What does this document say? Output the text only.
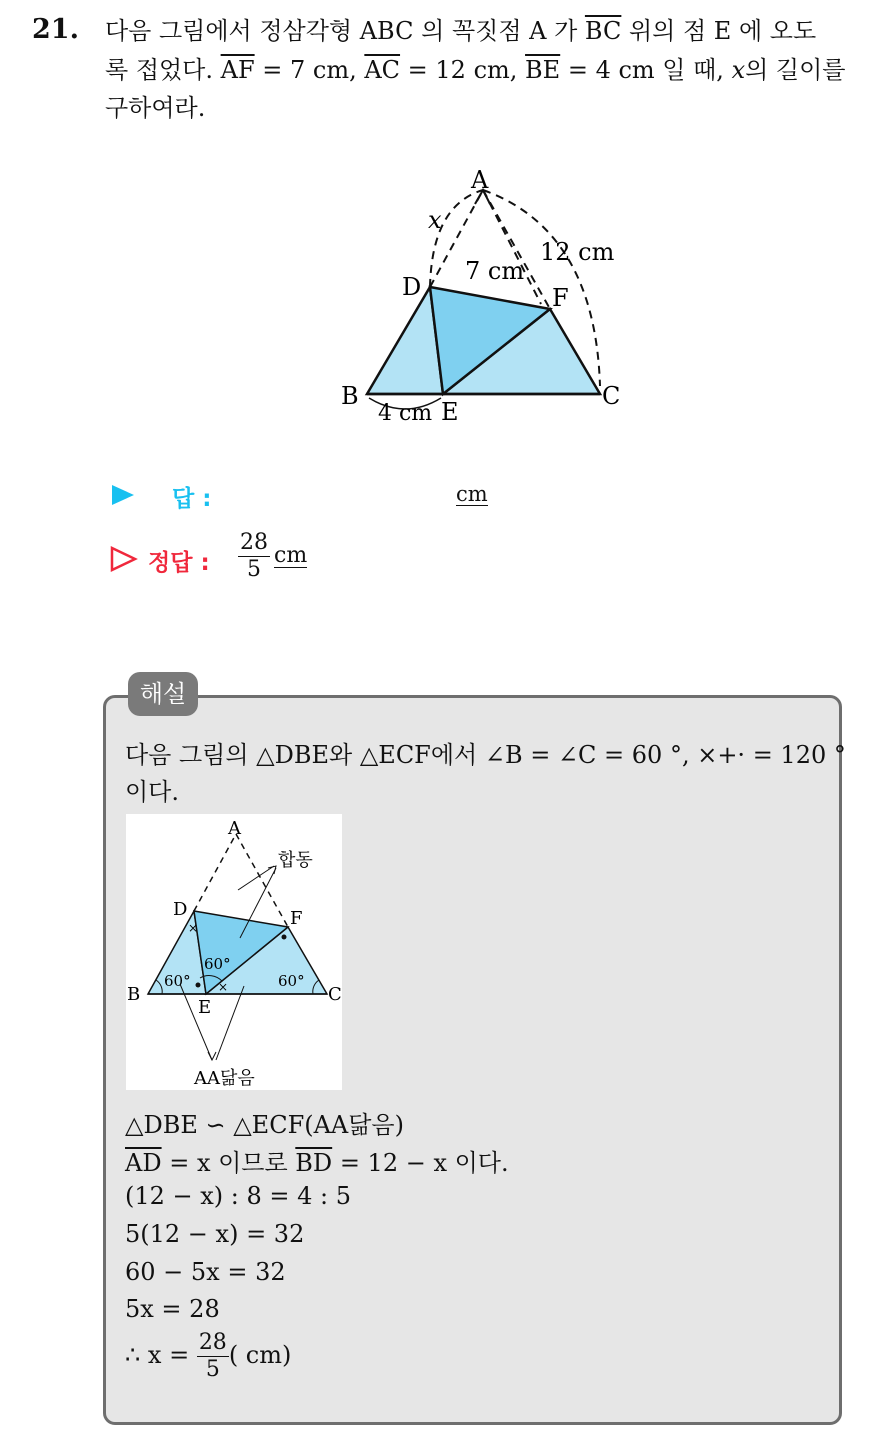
21. 다음 그림에서 정삼각형 ABC 의 꼭짓점 A 가 $\overline{BC}$ 위의 점 E 에 오도
록 접었다. $\overline{AF} = 7$ cm, $\overline{AC} = 12$ cm, $\overline{BE} = 4$ cm 일 때, x의 길이를
구하여라.
A
B	C
D
E
F
x
7 cm
12 cm
4 cm
답 :	cm
정답 : $\frac{28}{5}$ cm
해설
다음 그림의 △DBE와 △ECF에서 ∠B = ∠C = 60 °, ×+· = 120 °
이다.
×
×
A
B	C
D
E
F
합동
AA닮음
60°
60°
60°
△DBE ∽ △ECF(AA닮음)
$\overline{AD} = x$ 이므로 $\overline{BD} = 12 - x$ 이다.
(12 − x) : 8 = 4 : 5
5(12 − x) = 32
60 − 5x = 32
5x = 28
∴ $x = \frac{28}{5}$ ( cm)
